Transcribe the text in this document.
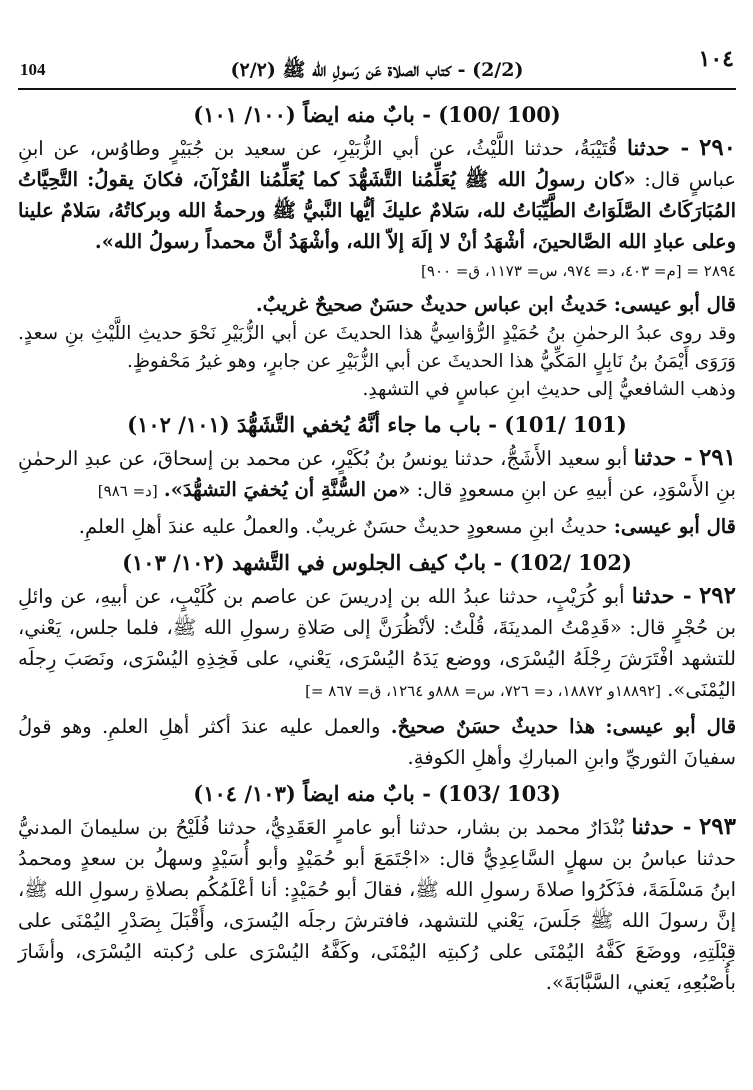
١٠٤
(2/2) - كتاب الصلاة عَن رَسولِ الله ﷺ (٢/٢)
104
(100/ 100) - بابٌ منه ايضاً (١٠٠/ ١٠١)

٢٩٠ - حدثنا قُتَيْبَةُ، حدثنا اللَّيْثُ، عن أبي الزُّبَيْرِ، عن سعيد بن جُبَيْرٍ وطاوُس، عن ابنِ عباسٍ قال: «كان رسولُ الله ﷺ يُعَلِّمُنا التَّشَهُّدَ كما يُعَلِّمُنا القُرْآنَ، فكانَ يقولُ: التَّحِيَّاتُ المُبَارَكَاتُ الصَّلَوَاتُ الطَّيِّبَاتُ لله، سَلامٌ عليكَ أيُّها النَّبيُّ ﷺ ورحمةُ الله وبركاتُهُ، سَلامٌ علينا وعلى عبادِ الله الصَّالحينَ، أشْهَدُ أنْ لا إلَهَ إلاّ الله، وأشْهَدُ أنَّ محمداً رسولُ الله».

= ٢٨٩٤ [م= ٤٠٣، د= ٩٧٤، س= ١١٧٣، ق= ٩٠٠]

قال أبو عيسى: حَديثُ ابن عباس حديثٌ حسَنٌ صحيحٌ غريبٌ.

وقد روى عبدُ الرحمٰنِ بنُ حُمَيْدٍ الرُّؤاسِيُّ هذا الحديثَ عن أبي الزُّبَيْرِ نَحْوَ حديثِ اللَّيْثِ بنِ سعدٍ. وَرَوَى أَيْمَنُ بنُ نَابِلٍ المَكِّيُّ هذا الحديثَ عن أبي الزُّبَيْرِ عن جابرٍ، وهو غيرُ مَحْفوظٍ.

وذهب الشافعيُّ إلى حديثِ ابنِ عباسٍ في التشهدِ.

(101/ 101) - باب ما جاء أنَّهُ يُخفي التَّشَهُّدَ (١٠١/ ١٠٢)

٢٩١ - حدثنا أبو سعيد الأَشَجُّ، حدثنا يونسُ بنُ بُكَيْرٍ، عن محمد بن إسحاقَ، عن عبدِ الرحمٰنِ بنِ الأَسْوَدِ، عن أبيهِ عن ابنِ مسعودٍ قال: «من السُّنَّةِ أن يُخفيَ التشهُّدَ». [د= ٩٨٦]

قال أبو عيسى: حديثُ ابنِ مسعودٍ حديثٌ حسَنٌ غريبٌ. والعملُ عليه عندَ أهلِ العلمِ.

(102/ 102) - بابٌ كيف الجلوس في التَّشهد (١٠٢/ ١٠٣)

٢٩٢ - حدثنا أبو كُرَيْبٍ، حدثنا عبدُ الله بن إدريسَ عن عاصم بن كُلَيْبٍ، عن أبيهِ، عن وائلِ بن حُجْرٍ قال: «قَدِمْتُ المدينَةَ، قُلْتُ: لأنْظُرَنَّ إلى صَلاةِ رسولِ الله ﷺ، فلما جلس، يَعْني، للتشهد افْتَرَشَ رِجْلَهُ اليُسْرَى، ووضع يَدَهُ اليُسْرَى، يَعْني، على فَخِذِهِ اليُسْرَى، ونَصَبَ رِجلَه اليُمْنَى». [= ١٨٨٩٢و ١٨٨٧٢، د= ٧٢٦، س= ٨٨٨و ١٢٦٤، ق= ٨٦٧]

قال أبو عيسى: هذا حديثٌ حسَنٌ صحيحٌ. والعمل عليه عندَ أكثر أهلِ العلمِ. وهو قولُ سفيانَ الثوريِّ وابنِ المباركِ وأهلِ الكوفةِ.

(103/ 103) - بابٌ منه ايضاً (١٠٣/ ١٠٤)

٢٩٣ - حدثنا بُنْدَارٌ محمد بن بشار، حدثنا أبو عامرٍ العَقَدِيُّ، حدثنا فُلَيْحُ بن سليمانَ المدنيُّ حدثنا عباسُ بن سهلٍ السَّاعِدِيُّ قال: «اجْتَمَعَ أبو حُمَيْدٍ وأبو أُسَيْدٍ وسهلُ بن سعدٍ ومحمدُ ابنُ مَسْلَمَةَ، فذَكَرُوا صلاةَ رسولِ الله ﷺ، فقالَ أبو حُمَيْدٍ: أنا أعْلَمُكُم بصلاةِ رسولِ الله ﷺ، إنَّ رسولَ الله ﷺ جَلَسَ، يَعْني للتشهد، فافترشَ رجلَه اليُسرَى، وأَقْبَلَ بِصَدْرِ اليُمْنَى على قِبْلَتِهِ، ووضَعَ كَفَّهُ اليُمْنَى على رُكبتِه اليُمْنَى، وكَفَّهُ اليُسْرَى على رُكبته اليُسْرَى، وأشَارَ بأُصْبُعِهِ، يَعني، السَّبَّابَةَ».
